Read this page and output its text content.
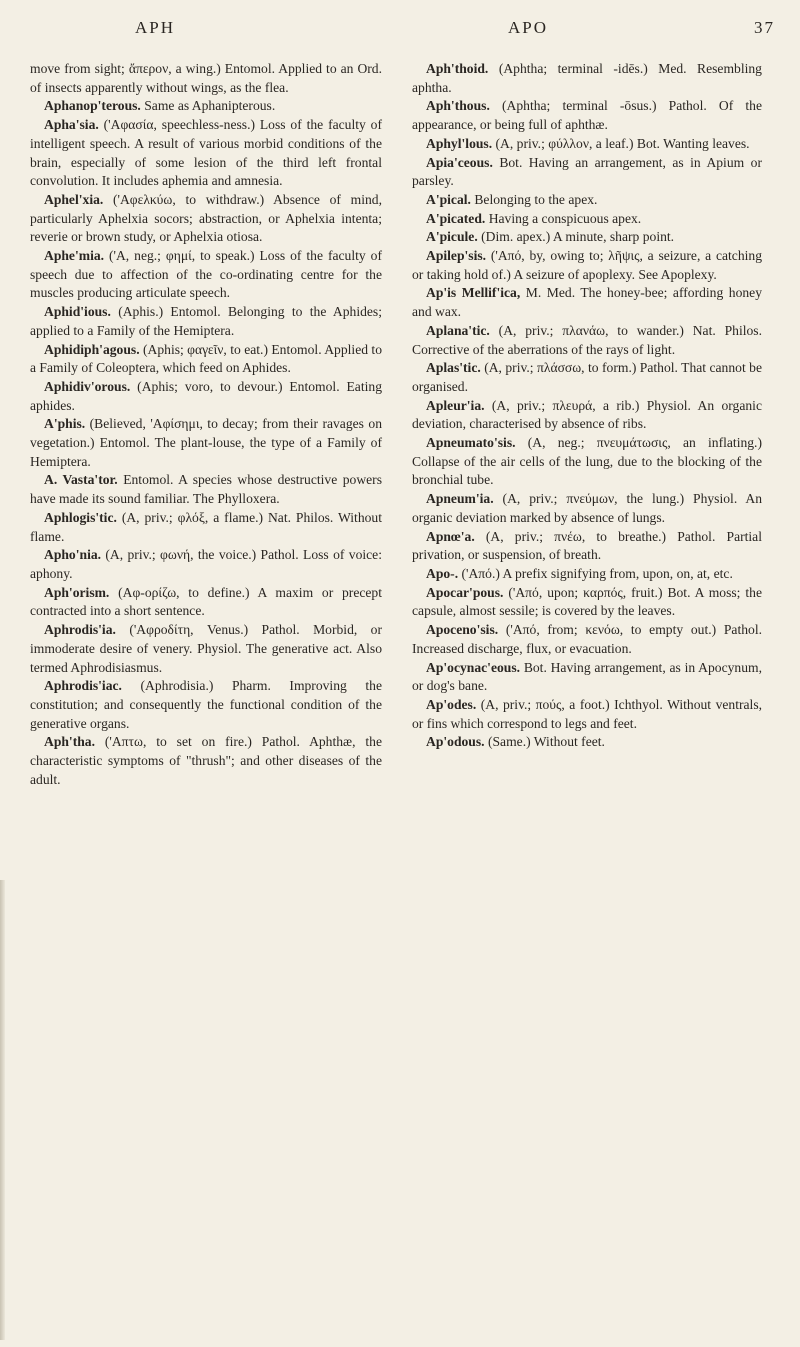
APH	APO	37

move from sight; ἄπερον, a wing.) Entomol. Applied to an Ord. of insects apparently without wings, as the flea.

Aphanop'terous. Same as Aphanipterous.

Apha'sia. ('Αφασία, speechless-ness.) Loss of the faculty of intelligent speech. A result of various morbid conditions of the brain, especially of some lesion of the third left frontal convolution. It includes aphemia and amnesia.

Aphel'xia. ('Αφελκύω, to withdraw.) Absence of mind, particularly Aphelxia socors; abstraction, or Aphelxia intenta; reverie or brown study, or Aphelxia otiosa.

Aphe'mia. ('A, neg.; φημί, to speak.) Loss of the faculty of speech due to affection of the co-ordinating centre for the muscles producing articulate speech.

Aphid'ious. (Aphis.) Entomol. Belonging to the Aphides; applied to a Family of the Hemiptera.

Aphidiph'agous. (Aphis; φαγεῖν, to eat.) Entomol. Applied to a Family of Coleoptera, which feed on Aphides.

Aphidiv'orous. (Aphis; voro, to devour.) Entomol. Eating aphides.

A'phis. (Believed, 'Αφίσημι, to decay; from their ravages on vegetation.) Entomol. The plant-louse, the type of a Family of Hemiptera.

A. Vasta'tor. Entomol. A species whose destructive powers have made its sound familiar. The Phylloxera.

Aphlogis'tic. (A, priv.; φλόξ, a flame.) Nat. Philos. Without flame.

Apho'nia. (A, priv.; φωνή, the voice.) Pathol. Loss of voice: aphony.

Aph'orism. (Αφ-ορίζω, to define.) A maxim or precept contracted into a short sentence.

Aphrodis'ia. ('Αφροδίτη, Venus.) Pathol. Morbid, or immoderate desire of venery. Physiol. The generative act. Also termed Aphrodisiasmus.

Aphrodis'iac. (Aphrodisia.) Pharm. Improving the constitution; and consequently the functional condition of the generative organs.

Aph'tha. ('Απτω, to set on fire.) Pathol. Aphthæ, the characteristic symptoms of "thrush"; and other diseases of the adult.

Aph'thoid. (Aphtha; terminal -idēs.) Med. Resembling aphtha.

Aph'thous. (Aphtha; terminal -ōsus.) Pathol. Of the appearance, or being full of aphthæ.

Aphyl'lous. (A, priv.; φύλλον, a leaf.) Bot. Wanting leaves.

Apia'ceous. Bot. Having an arrangement, as in Apium or parsley.

A'pical. Belonging to the apex.

A'picated. Having a conspicuous apex.

A'picule. (Dim. apex.) A minute, sharp point.

Apilep'sis. ('Από, by, owing to; λῆψις, a seizure, a catching or taking hold of.) A seizure of apoplexy. See Apoplexy.

Ap'is Mellif'ica, M. Med. The honey-bee; affording honey and wax.

Aplana'tic. (A, priv.; πλανάω, to wander.) Nat. Philos. Corrective of the aberrations of the rays of light.

Aplas'tic. (A, priv.; πλάσσω, to form.) Pathol. That cannot be organised.

Apleur'ia. (A, priv.; πλευρά, a rib.) Physiol. An organic deviation, characterised by absence of ribs.

Apneumato'sis. (A, neg.; πνευμάτωσις, an inflating.) Collapse of the air cells of the lung, due to the blocking of the bronchial tube.

Apneum'ia. (A, priv.; πνεύμων, the lung.) Physiol. An organic deviation marked by absence of lungs.

Apnœ'a. (A, priv.; πνέω, to breathe.) Pathol. Partial privation, or suspension, of breath.

Apo-. ('Από.) A prefix signifying from, upon, on, at, etc.

Apocar'pous. ('Από, upon; καρπός, fruit.) Bot. A moss; the capsule, almost sessile; is covered by the leaves.

Apoceno'sis. ('Από, from; κενόω, to empty out.) Pathol. Increased discharge, flux, or evacuation.

Ap'ocynac'eous. Bot. Having arrangement, as in Apocynum, or dog's bane.

Ap'odes. (A, priv.; πούς, a foot.) Ichthyol. Without ventrals, or fins which correspond to legs and feet.

Ap'odous. (Same.) Without feet.
